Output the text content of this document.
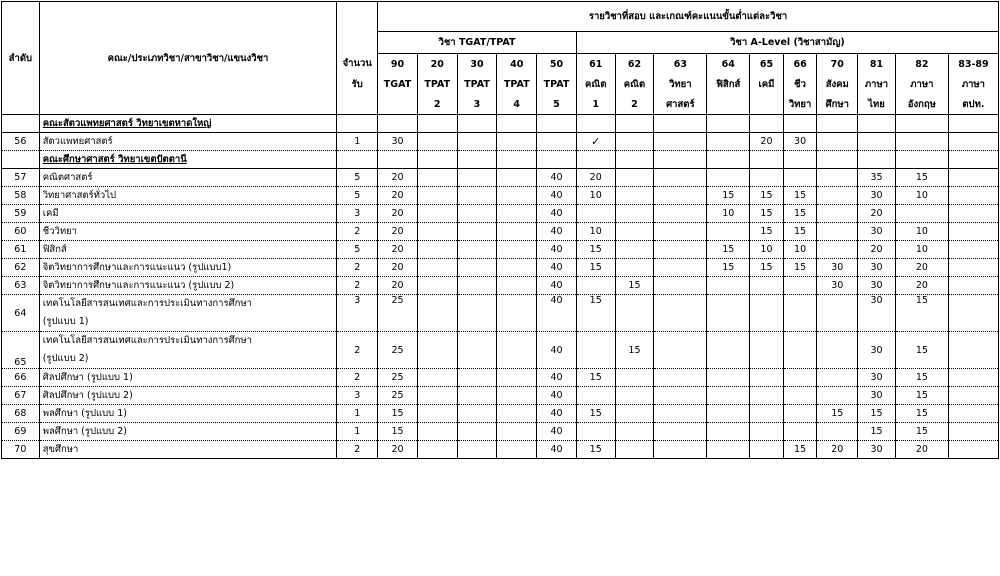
ลำดับ	คณะ/ประเภทวิชา/สาขาวิชา/แขนงวิชา		รายวิชาที่สอบ และเกณฑ์คะแนนขั้นต่ำแต่ละวิชา														
			วิชา TGAT/TPAT					วิชา A-Level (วิชาสามัญ)									
		จำนวน	90	20	30	40	50	61	62	63	64	65	66	70	81	82	83-89
		รับ	TGAT	TPAT	TPAT	TPAT	TPAT	คณิต	คณิต	วิทยา	ฟิสิกส์	เคมี	ชีว	สังคม	ภาษา	ภาษา	ภาษา
				2	3	4	5	1	2	ศาสตร์			วิทยา	ศึกษา	ไทย	อังกฤษ	ตปท.
	คณะสัตวแพทยศาสตร์ วิทยาเขตหาดใหญ่																
56	สัตวแพทยศาสตร์	1	30					✓				20	30				
	คณะศึกษาศาสตร์ วิทยาเขตปัตตานี																
57	คณิตศาสตร์	5	20				40	20							35	15	
58	วิทยาศาสตร์ทั่วไป	5	20				40	10			15	15	15		30	10	
59	เคมี	3	20				40				10	15	15		20		
60	ชีววิทยา	2	20				40	10				15	15		30	10	
61	ฟิสิกส์	5	20				40	15			15	10	10		20	10	
62	จิตวิทยาการศึกษาและการแนะแนว (รูปแบบ1)	2	20				40	15			15	15	15	30	30	20	
63	จิตวิทยาการศึกษาและการแนะแนว (รูปแบบ 2)	2	20				40		15					30	30	20	
64	เทคโนโลยีสารสนเทศและการประเมินทางการศึกษา
(รูปแบบ 1)	3	25				40	15							30	15	
65	เทคโนโลยีสารสนเทศและการประเมินทางการศึกษา
(รูปแบบ 2)	2	25				40		15						30	15	
66	ศิลปศึกษา (รูปแบบ 1)	2	25				40	15							30	15	
67	ศิลปศึกษา (รูปแบบ 2)	3	25				40								30	15	
68	พลศึกษา (รูปแบบ 1)	1	15				40	15						15	15	15	
69	พลศึกษา (รูปแบบ 2)	1	15				40								15	15	
70	สุขศึกษา	2	20				40	15					15	20	30	20	
